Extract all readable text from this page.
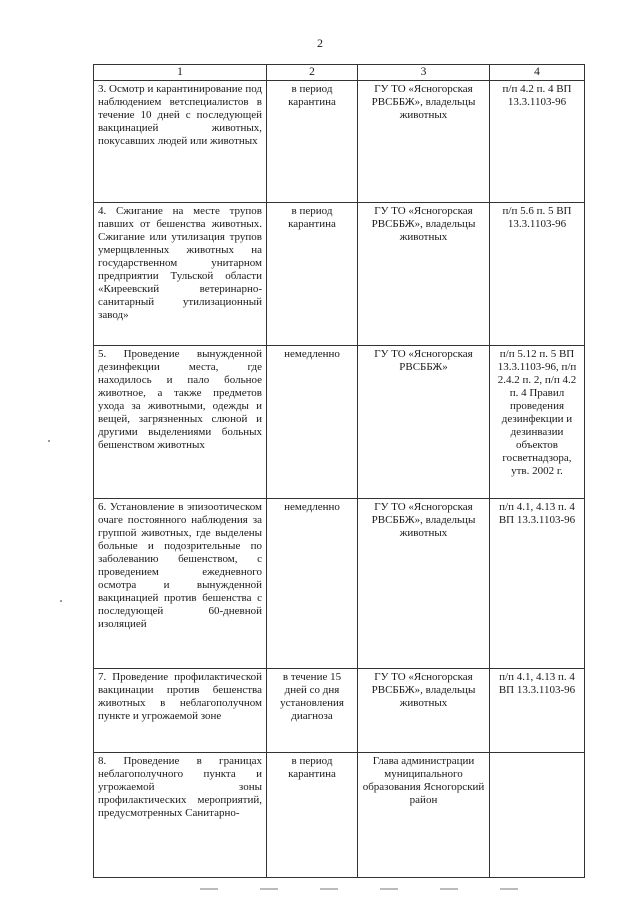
2
1	2	3	4
3. Осмотр и карантинирование под наблюдением ветспециалистов в течение 10 дней с последующей вакцинацией животных, покусавших людей или животных	в период карантина	ГУ ТО «Ясногорская РВСББЖ», владельцы животных	п/п 4.2 п. 4 ВП 13.3.1103-96
4. Сжигание на месте трупов павших от бешенства животных. Сжигание или утилизация трупов умерщвленных животных на государственном унитарном предприятии Тульской области «Киреевский ветеринарно-санитарный утилизационный завод»	в период карантина	ГУ ТО «Ясногорская РВСББЖ», владельцы животных	п/п 5.6 п. 5 ВП 13.3.1103-96
5. Проведение вынужденной дезинфекции места, где находилось и пало больное животное, а также предметов ухода за животными, одежды и вещей, загрязненных слюной и другими выделениями больных бешенством животных	немедленно	ГУ ТО «Ясногорская РВСББЖ»	п/п 5.12 п. 5 ВП 13.3.1103-96, п/п 2.4.2 п. 2, п/п 4.2 п. 4 Правил проведения дезинфекции и дезинвазии объектов госветнадзора, утв. 2002 г.
6. Установление в эпизоотическом очаге постоянного наблюдения за группой животных, где выделены больные и подозрительные по заболеванию бешенством, с проведением ежедневного осмотра и вынужденной вакцинацией против бешенства с последующей 60-дневной изоляцией	немедленно	ГУ ТО «Ясногорская РВСББЖ», владельцы животных	п/п 4.1, 4.13 п. 4 ВП 13.3.1103-96
7. Проведение профилактической вакцинации против бешенства животных в неблагополучном пункте и угрожаемой зоне	в течение 15 дней со дня установления диагноза	ГУ ТО «Ясногорская РВСББЖ», владельцы животных	п/п 4.1, 4.13 п. 4 ВП 13.3.1103-96
8. Проведение в границах неблагополучного пункта и угрожаемой зоны профилактических мероприятий, предусмотренных Санитарно-	в период карантина	Глава администрации муниципального образования Ясногорский район	
